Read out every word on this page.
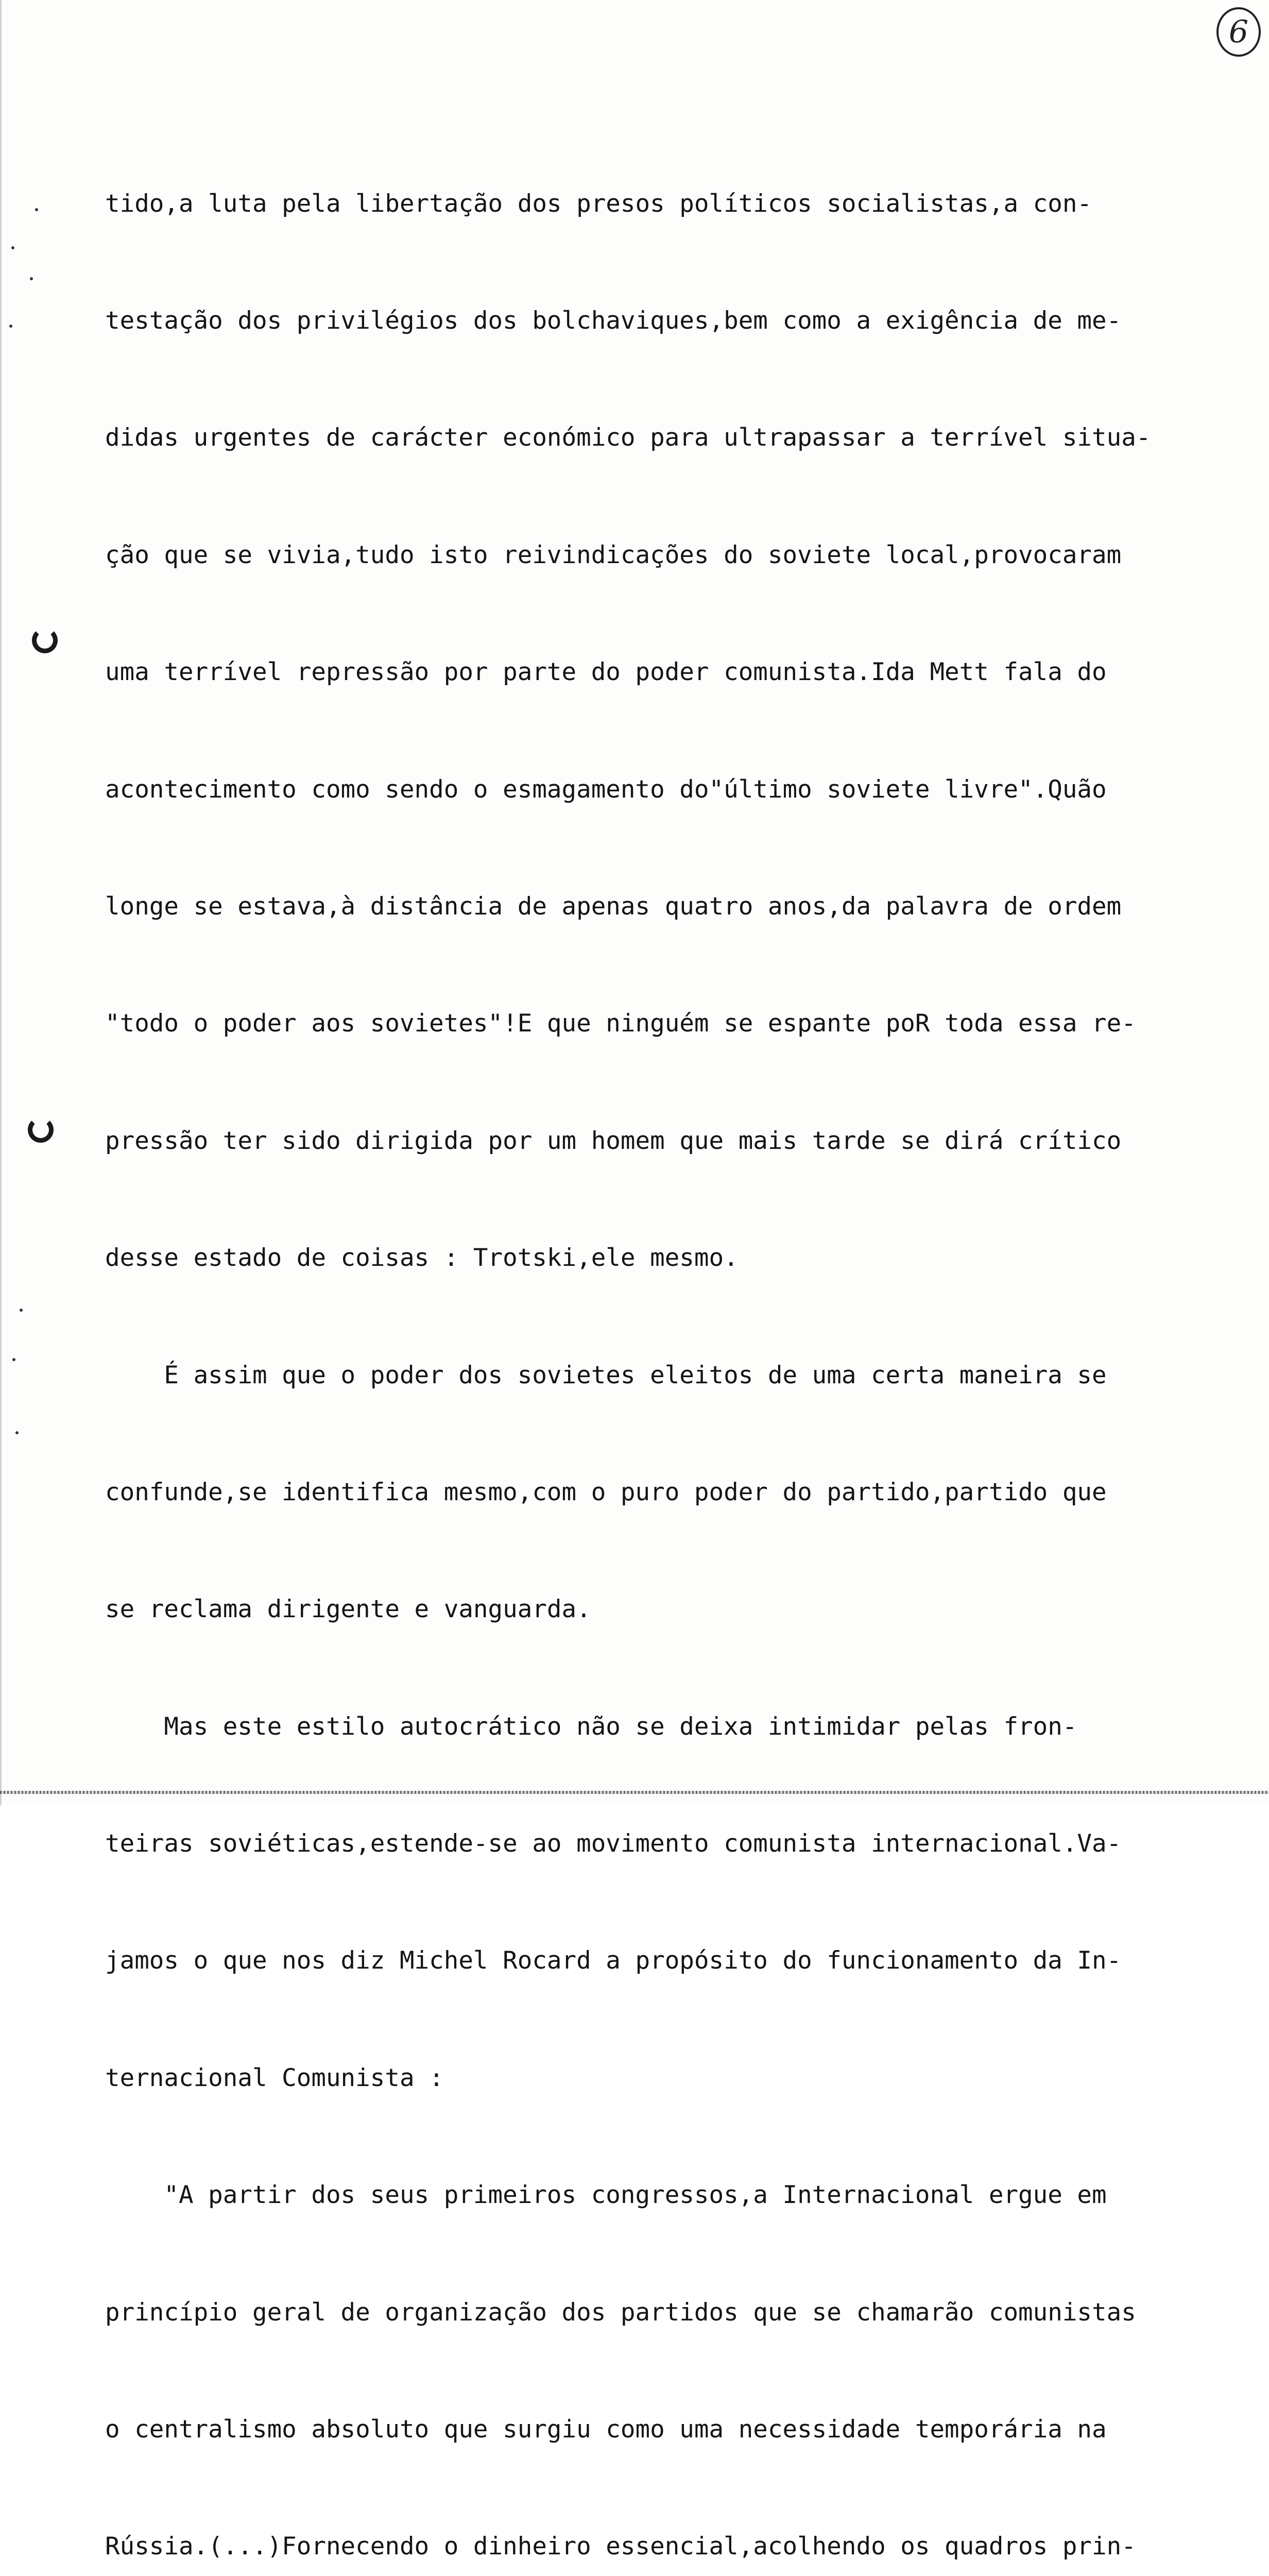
6

tido,a luta pela libertação dos presos políticos socialistas,a con-

testação dos privilégios dos bolchaviques,bem como a exigência de me-

didas urgentes de carácter económico para ultrapassar a terrível situa-

ção que se vivia,tudo isto reivindicações do soviete local,provocaram

uma terrível repressão por parte do poder comunista.Ida Mett fala do

acontecimento como sendo o esmagamento do"último soviete livre".Quão

longe se estava,à distância de apenas quatro anos,da palavra de ordem

"todo o poder aos sovietes"!E que ninguém se espante poR toda essa re-

pressão ter sido dirigida por um homem que mais tarde se dirá crítico

desse estado de coisas : Trotski,ele mesmo.

É assim que o poder dos sovietes eleitos de uma certa maneira se

confunde,se identifica mesmo,com o puro poder do partido,partido que

se reclama dirigente e vanguarda.

Mas este estilo autocrático não se deixa intimidar pelas fron-

teiras soviéticas,estende-se ao movimento comunista internacional.Va-

jamos o que nos diz Michel Rocard a propósito do funcionamento da In-

ternacional Comunista :

"A partir dos seus primeiros congressos,a Internacional ergue em

princípio geral de organização dos partidos que se chamarão comunistas

o centralismo absoluto que surgiu como uma necessidade temporária na

Rússia.(...)Fornecendo o dinheiro essencial,acolhendo os quadros prin-
